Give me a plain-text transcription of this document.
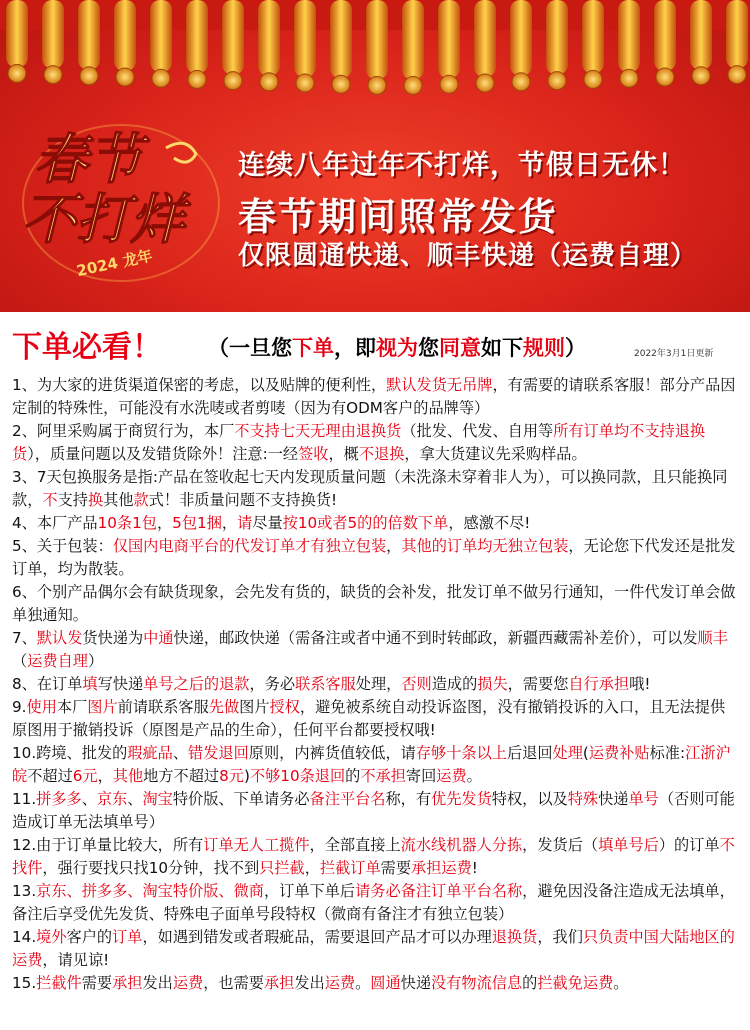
春节
不打烊
2024 龙年
连续八年过年不打烊，节假日无休！
春节期间照常发货
仅限圆通快递、顺丰快递（运费自理）
下单必看！ （一旦您下单，即视为您同意如下规则）	2022年3月1日更新

1、为大家的进货渠道保密的考虑，以及贴牌的便利性，默认发货无吊牌，有需要的请联系客服！部分产品因定制的特殊性，可能没有水洗唛或者剪唛（因为有ODM客户的品牌等）

2、阿里采购属于商贸行为，本厂不支持七天无理由退换货（批发、代发、自用等所有订单均不支持退换货），质量问题以及发错货除外！注意:一经签收，概不退换，拿大货建议先采购样品。

3、7天包换服务是指:产品在签收起七天内发现质量问题（未洗涤未穿着非人为），可以换同款，且只能换同款，不支持换其他款式！非质量问题不支持换货!

4、本厂产品10条1包，5包1捆，请尽量按10或者5的的倍数下单，感激不尽!

5、关于包装：仅国内电商平台的代发订单才有独立包装，其他的订单均无独立包装，无论您下代发还是批发订单，均为散装。

6、个别产品偶尔会有缺货现象，会先发有货的，缺货的会补发，批发订单不做另行通知，一件代发订单会做单独通知。

7、默认发货快递为中通快递，邮政快递（需备注或者中通不到时转邮政，新疆西藏需补差价），可以发顺丰（运费自理）

8、在订单填写快递单号之后的退款，务必联系客服处理，否则造成的损失，需要您自行承担哦!

9.使用本厂图片前请联系客服先做图片授权，避免被系统自动投诉盗图，没有撤销投诉的入口，且无法提供原图用于撤销投诉（原图是产品的生命），任何平台都要授权哦!

10.跨境、批发的瑕疵品、错发退回原则，内裤货值较低，请存够十条以上后退回处理(运费补贴标准:江浙沪皖不超过6元，其他地方不超过8元)不够10条退回的不承担寄回运费。

11.拼多多、京东、淘宝特价版、下单请务必备注平台名称，有优先发货特权，以及特殊快递单号（否则可能造成订单无法填单号）

12.由于订单量比较大，所有订单无人工揽件，全部直接上流水线机器人分拣，发货后（填单号后）的订单不找件，强行要找只找10分钟，找不到只拦截，拦截订单需要承担运费!

13.京东、拼多多、淘宝特价版、微商，订单下单后请务必备注订单平台名称，避免因没备注造成无法填单，备注后享受优先发货、特殊电子面单号段特权（微商有备注才有独立包装）

14.境外客户的订单，如遇到错发或者瑕疵品，需要退回产品才可以办理退换货，我们只负责中国大陆地区的运费，请见谅!

15.拦截件需要承担发出运费，也需要承担发出运费。圆通快递没有物流信息的拦截免运费。
